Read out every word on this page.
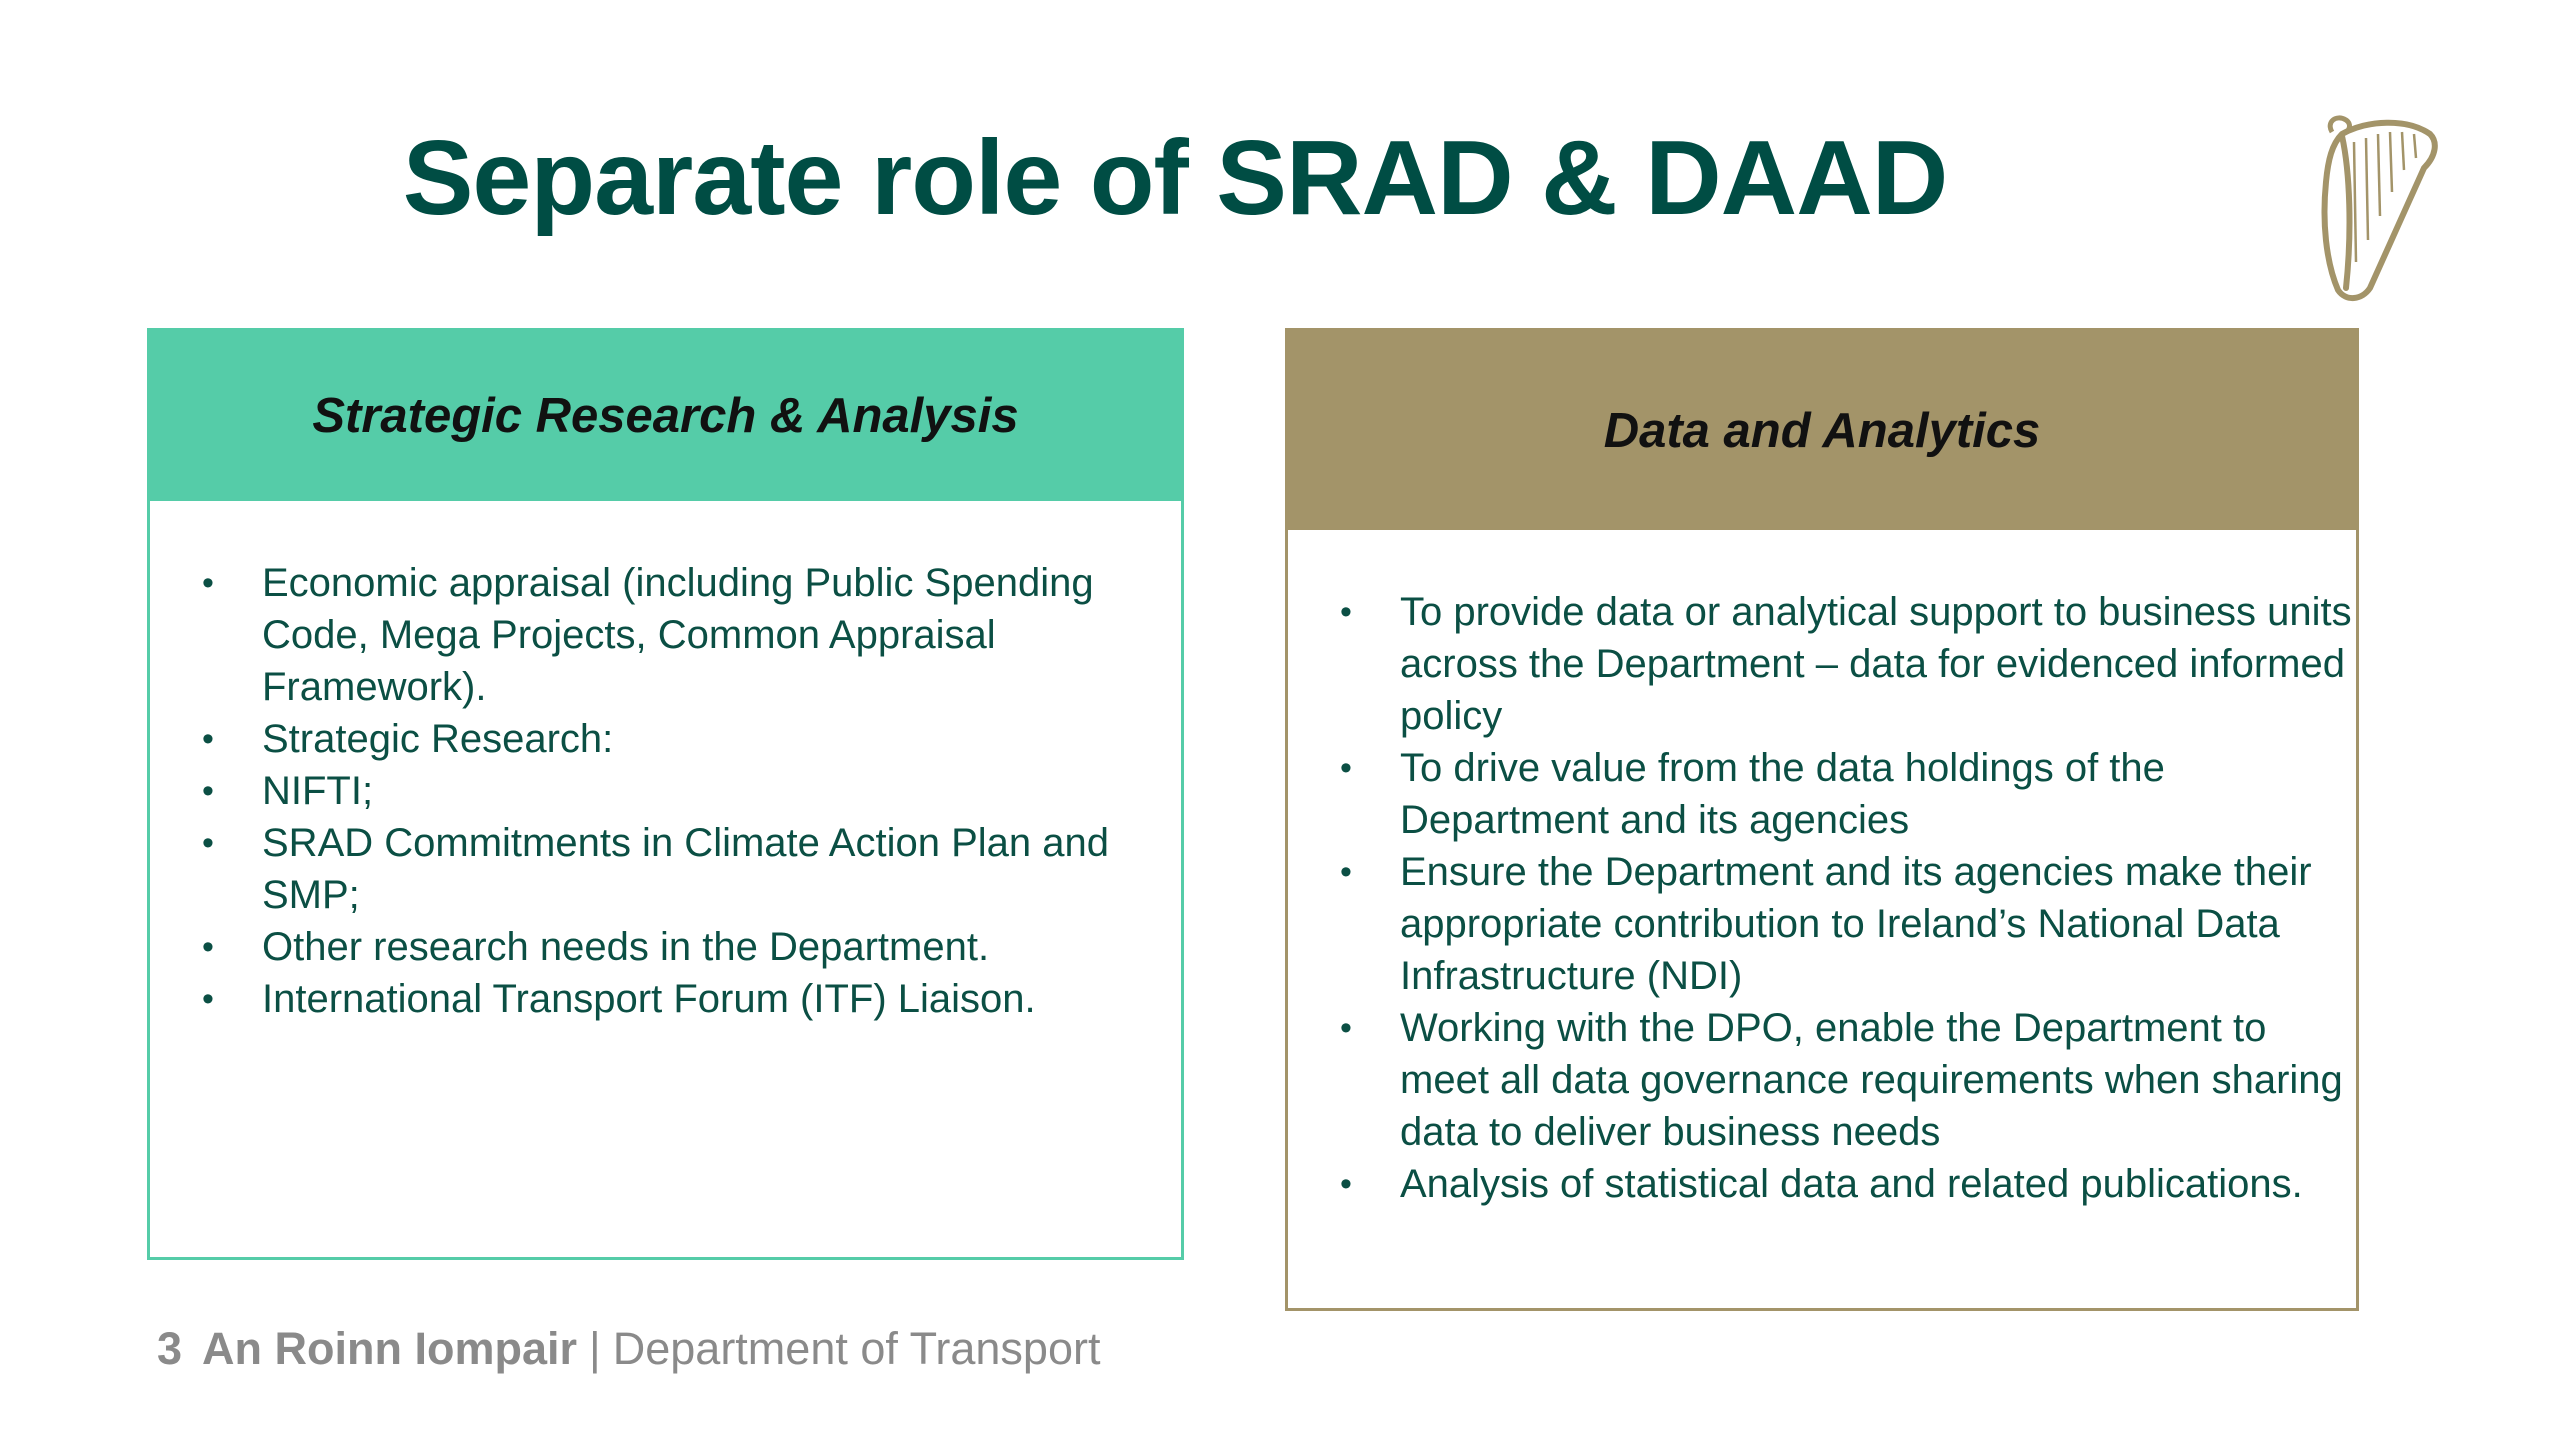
Separate role of SRAD & DAAD
Strategic Research & Analysis
• Economic appraisal (including Public Spending Code, Mega Projects, Common Appraisal Framework).
• Strategic Research:
• NIFTI;
• SRAD Commitments in Climate Action Plan and SMP;
• Other research needs in the Department.
• International Transport Forum (ITF) Liaison.
Data and Analytics
• To provide data or analytical support to business units across the Department – data for evidenced informed policy
• To drive value from the data holdings of the Department and its agencies
• Ensure the Department and its agencies make their appropriate contribution to Ireland’s National Data Infrastructure (NDI)
• Working with the DPO, enable the Department to meet all data governance requirements when sharing data to deliver business needs
• Analysis of statistical data and related publications.
3 An Roinn Iompair | Department of Transport
